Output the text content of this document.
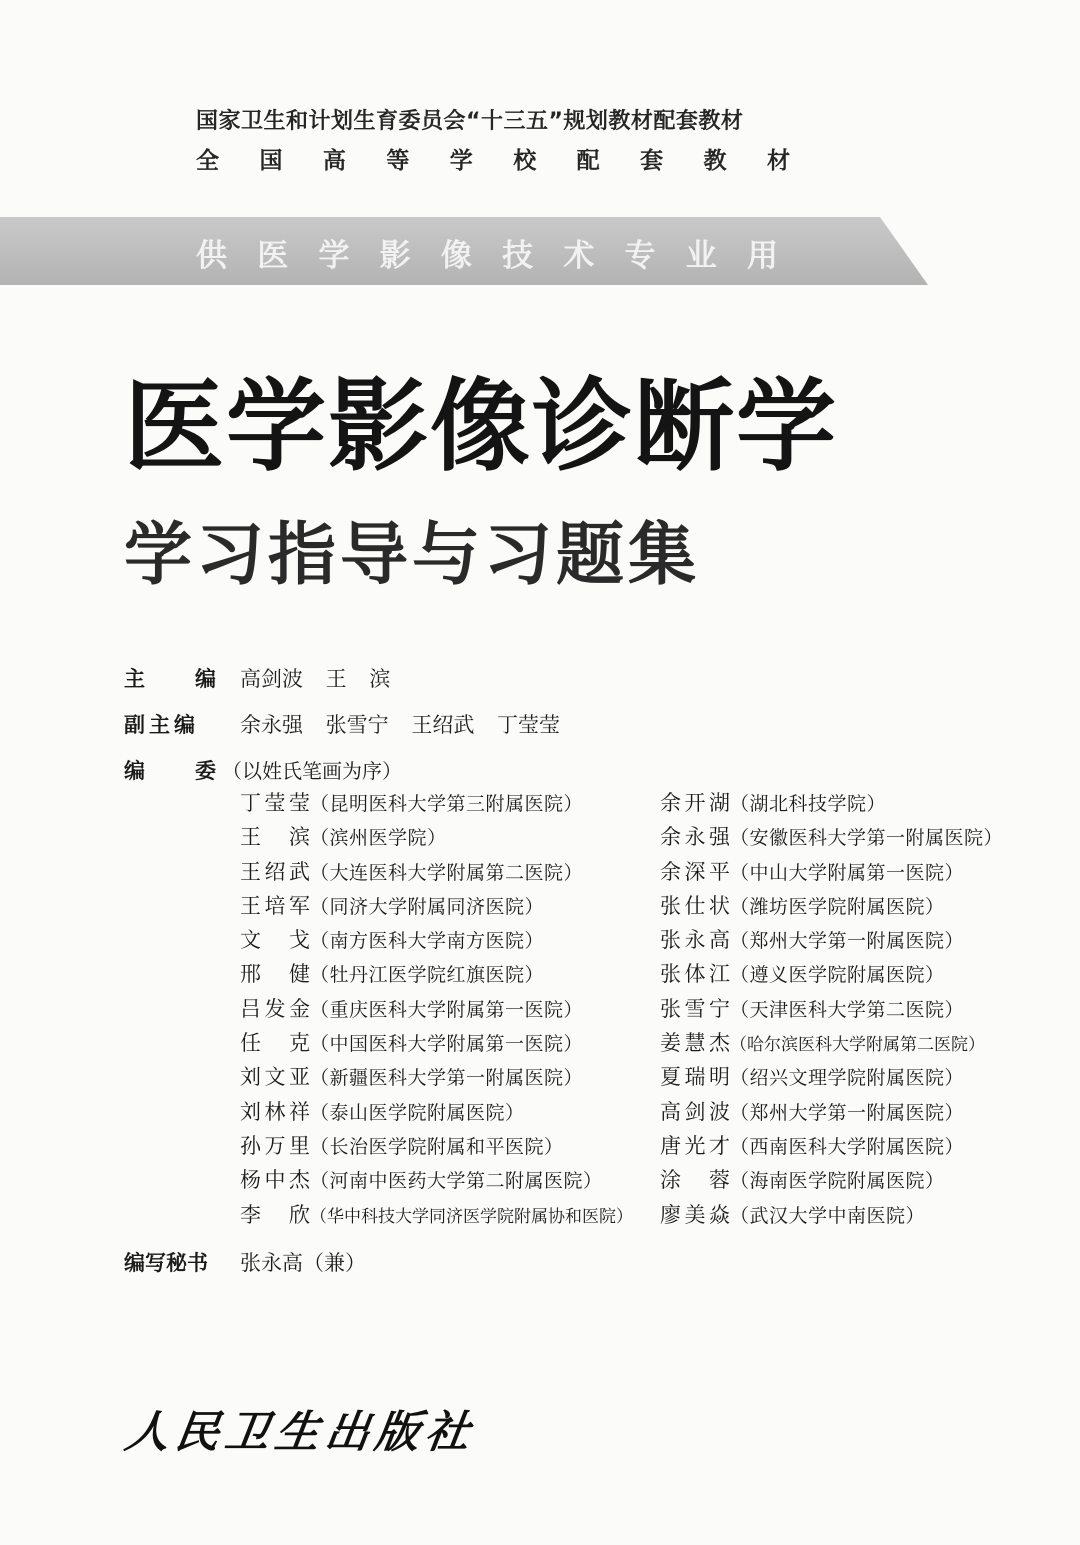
国家卫生和计划生育委员会“十三五”规划教材配套教材
全 国 高 等 学 校 配 套 教 材
供 医 学 影 像 技 术 专 业 用
医学影像诊断学
学习指导与习题集
主 编 高剑波 王 滨
副主编 余永强 张雪宁 王绍武 丁莹莹
编 委 （以姓氏笔画为序）
丁莹莹 （昆明医科大学第三附属医院）
王滨 （滨州医学院）
王绍武 （大连医科大学附属第二医院）
王培军 （同济大学附属同济医院）
文戈 （南方医科大学南方医院）
邢健 （牡丹江医学院红旗医院）
吕发金 （重庆医科大学附属第一医院）
任克 （中国医科大学附属第一医院）
刘文亚 （新疆医科大学第一附属医院）
刘林祥 （泰山医学院附属医院）
孙万里 （长治医学院附属和平医院）
杨中杰 （河南中医药大学第二附属医院）
李欣 （华中科技大学同济医学院附属协和医院）
余开湖 （湖北科技学院）
余永强 （安徽医科大学第一附属医院）
余深平 （中山大学附属第一医院）
张仕状 （潍坊医学院附属医院）
张永高 （郑州大学第一附属医院）
张体江 （遵义医学院附属医院）
张雪宁 （天津医科大学第二医院）
姜慧杰 （哈尔滨医科大学附属第二医院）
夏瑞明 （绍兴文理学院附属医院）
高剑波 （郑州大学第一附属医院）
唐光才 （西南医科大学附属医院）
涂蓉 （海南医学院附属医院）
廖美焱 （武汉大学中南医院）
编写秘书	张永高（兼）
人民卫生出版社
